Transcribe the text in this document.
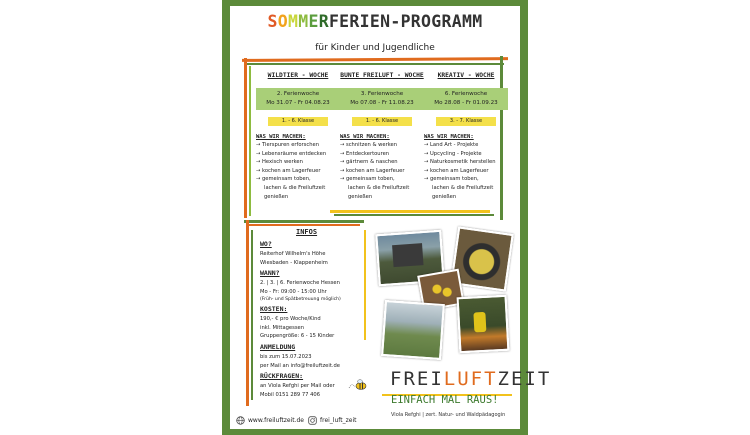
SOMMERFERIEN-PROGRAMM
für Kinder und Jugendliche
WILDTIER - WOCHE
2. Ferienwoche
Mo 31.07 - Fr 04.08.23
1. - 6. Klasse
WAS WIR MACHEN:
→ Tierspuren erforschen
→ Lebensräume entdecken
→ Hexisch werken
→ kochen am Lagerfeuer
→ gemeinsam toben,
lachen & die Freiluftzeit
genießen
BUNTE FREILUFT - WOCHE
3. Ferienwoche
Mo 07.08 - Fr 11.08.23
1. - 6. Klasse
WAS WIR MACHEN:
→ schnitzen & werken
→ Entdeckertouren
→ gärtnern & naschen
→ kochen am Lagerfeuer
→ gemeinsam toben,
lachen & die Freiluftzeit
genießen
KREATIV - WOCHE
6. Ferienwoche
Mo 28.08 - Fr 01.09.23
3. - 7. Klasse
WAS WIR MACHEN:
→ Land Art - Projekte
→ Upcycling - Projekte
→ Naturkosmetik herstellen
→ kochen am Lagerfeuer
→ gemeinsam toben,
lachen & die Freiluftzeit
genießen
INFOS
WO?
Reiterhof Wilhelm's Höhe
Wiesbaden - Klappenheim
WANN?
2. | 3. | 6. Ferienwoche Hessen
Mo - Fr: 09:00 - 15:00 Uhr
(Früh- und Spätbetreuung möglich)
KOSTEN:
190,- € pro Woche/Kind
inkl. Mittagessen
Gruppengröße: 6 - 15 Kinder
ANMELDUNG
bis zum 15.07.2023
per Mail an info@freiluftzeit.de
RÜCKFRAGEN:
an Viola Refghi per Mail oder
Mobil 0151 289 77 406
FREILUFTZEIT
EINFACH MAL RAUS!
Viola Refghi | zert. Natur- und Waldpädagogin
www.freiluftzeit.de	frei_luft_zeit
